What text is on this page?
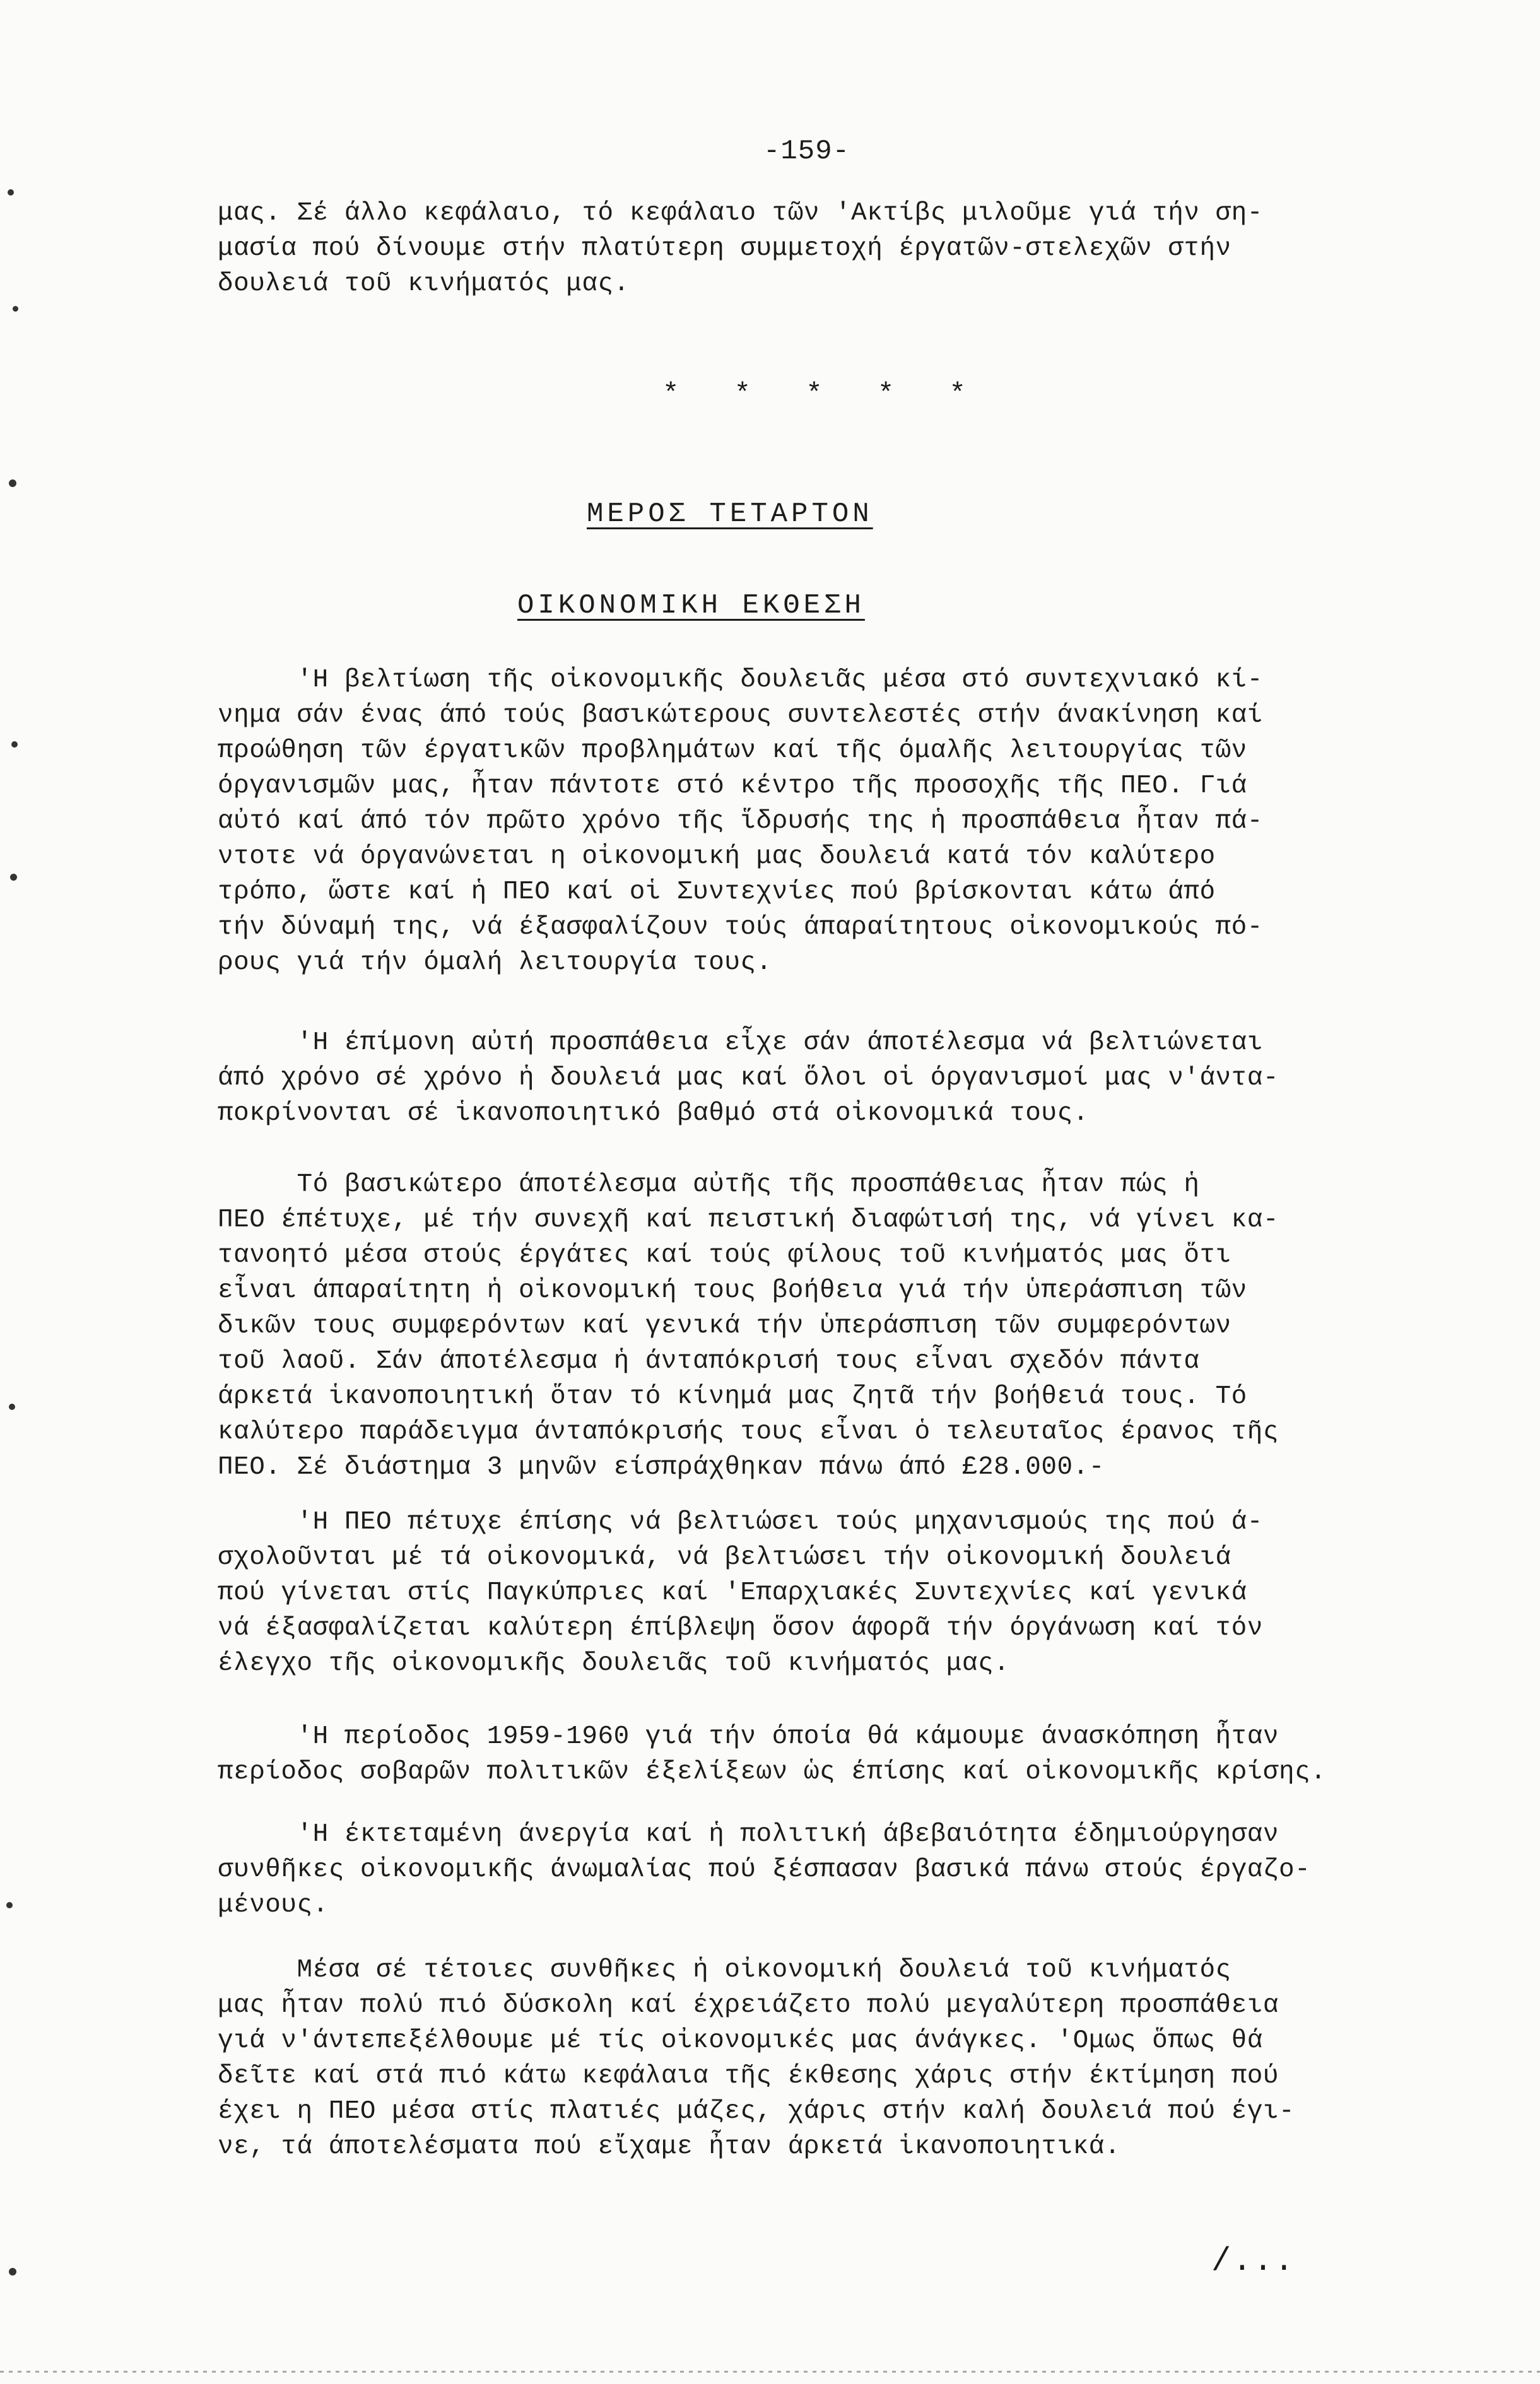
-159-
μας. Σέ άλλο κεφάλαιο, τό κεφάλαιο τῶν 'Ακτίβς μιλοῦμε γιά τήν ση-
μασία πού δίνουμε στήν πλατύτερη συμμετοχή έργατῶν-στελεχῶν στήν
δουλειά τοῦ κινήματός μας.
*   *   *   *   *
ΜΕΡΟΣ ΤΕΤΑΡΤΟΝ
ΟΙΚΟΝΟΜΙΚΗ ΕΚΘΕΣΗ
'Η βελτίωση τῆς οἰκονομικῆς δουλειᾶς μέσα στό συντεχνιακό κί-
νημα σάν ένας άπό τούς βασικώτερους συντελεστές στήν άνακίνηση καί
προώθηση τῶν έργατικῶν προβλημάτων καί τῆς όμαλῆς λειτουργίας τῶν
όργανισμῶν μας, ἦταν πάντοτε στό κέντρο τῆς προσοχῆς τῆς ΠΕΟ. Γιά
αὐτό καί άπό τόν πρῶτο χρόνο τῆς ἵδρυσής της ἡ προσπάθεια ἦταν πά-
ντοτε νά όργανώνεται η οἰκονομική μας δουλειά κατά τόν καλύτερο
τρόπο, ὥστε καί ἡ ΠΕΟ καί οἱ Συντεχνίες πού βρίσκονται κάτω άπό
τήν δύναμή της, νά έξασφαλίζουν τούς άπαραίτητους οἰκονομικούς πό-
ρους γιά τήν όμαλή λειτουργία τους.
'Η έπίμονη αὐτή προσπάθεια εἶχε σάν άποτέλεσμα νά βελτιώνεται
άπό χρόνο σέ χρόνο ἡ δουλειά μας καί ὅλοι οἱ όργανισμοί μας ν'άντα-
ποκρίνονται σέ ἱκανοποιητικό βαθμό στά οἰκονομικά τους.
Τό βασικώτερο άποτέλεσμα αὐτῆς τῆς προσπάθειας ἦταν πώς ἡ
ΠΕΟ έπέτυχε, μέ τήν συνεχῆ καί πειστική διαφώτισή της, νά γίνει κα-
τανοητό μέσα στούς έργάτες καί τούς φίλους τοῦ κινήματός μας ὅτι
εἶναι άπαραίτητη ἡ οἰκονομική τους βοήθεια γιά τήν ὑπεράσπιση τῶν
δικῶν τους συμφερόντων καί γενικά τήν ὑπεράσπιση τῶν συμφερόντων
τοῦ λαοῦ. Σάν άποτέλεσμα ἡ άνταπόκρισή τους εἶναι σχεδόν πάντα
άρκετά ἱκανοποιητική ὅταν τό κίνημά μας ζητᾶ τήν βοήθειά τους. Τό
καλύτερο παράδειγμα άνταπόκρισής τους εἶναι ὁ τελευταῖος έρανος τῆς
ΠΕΟ. Σέ διάστημα 3 μηνῶν είσπράχθηκαν πάνω άπό £28.000.-
'Η ΠΕΟ πέτυχε έπίσης νά βελτιώσει τούς μηχανισμούς της πού ά-
σχολοῦνται μέ τά οἰκονομικά, νά βελτιώσει τήν οἰκονομική δουλειά
πού γίνεται στίς Παγκύπριες καί 'Επαρχιακές Συντεχνίες καί γενικά
νά έξασφαλίζεται καλύτερη έπίβλεψη ὅσον άφορᾶ τήν όργάνωση καί τόν
έλεγχο τῆς οἰκονομικῆς δουλειᾶς τοῦ κινήματός μας.
'Η περίοδος 1959-1960 γιά τήν όποία θά κάμουμε άνασκόπηση ἦταν
περίοδος σοβαρῶν πολιτικῶν έξελίξεων ὡς έπίσης καί οἰκονομικῆς κρίσης.
'Η έκτεταμένη άνεργία καί ἡ πολιτική άβεβαιότητα έδημιούργησαν
συνθῆκες οἰκονομικῆς άνωμαλίας πού ξέσπασαν βασικά πάνω στούς έργαζο-
μένους.
Μέσα σέ τέτοιες συνθῆκες ἡ οἰκονομική δουλειά τοῦ κινήματός
μας ἦταν πολύ πιό δύσκολη καί έχρειάζετο πολύ μεγαλύτερη προσπάθεια
γιά ν'άντεπεξέλθουμε μέ τίς οἰκονομικές μας άνάγκες. 'Ομως ὅπως θά
δεῖτε καί στά πιό κάτω κεφάλαια τῆς έκθεσης χάρις στήν έκτίμηση πού
έχει η ΠΕΟ μέσα στίς πλατιές μάζες, χάρις στήν καλή δουλειά πού έγι-
νε, τά άποτελέσματα πού εἴχαμε ἦταν άρκετά ἱκανοποιητικά.
/...
